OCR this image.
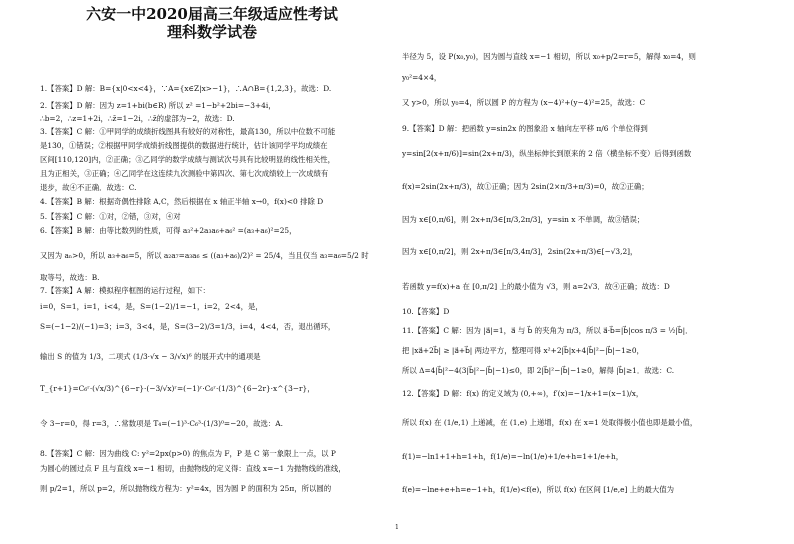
六安一中2020届高三年级适应性考试
理科数学试卷
1.【答案】D 解：B={x|0<x<4}，∵A={x∈Z|x>−1}，∴A∩B={1,2,3}，故选：D.
2.【答案】D 解：因为 z=1+bi(b∈R) 所以 z² =1−b²+2bi=−3+4i，
∴b=2，∴z=1+2i，∴z̄=1−2i，∴z̄的虚部为−2，故选：D.
3.【答案】C 解：①甲同学的成绩折线图具有较好的对称性，最高130，所以中位数不可能
是130，①错误；②根据甲同学成绩折线图提供的数据进行统计，估计该同学平均成绩在
区间[110,120]内，②正确；③乙同学的数学成绩与测试次号具有比较明显的线性相关性，
且为正相关，③正确；④乙同学在这连续九次测验中第四次、第七次成绩较上一次成绩有
退步，故④不正确．故选：C.
4.【答案】B 解：根据奇偶性排除 A,C，然后根据在 x 轴正半轴 x→0，f(x)<0 排除 D
5.【答案】C 解：①对，②错，③对，④对
6.【答案】B 解：由等比数列的性质，可得 a₃²+2a₃a₆+a₆² =(a₃+a₆)²=25，
又因为 aₙ>0，所以 a₃+a₆=5，所以 a₂a₇=a₃a₆ ≤ ((a₃+a₆)/2)² = 25/4，当且仅当 a₃=a₆=5/2 时
取等号，故选：B.
7.【答案】A 解：模拟程序框图的运行过程，如下：
i=0，S=1，i=1，i<4，是，S=(1−2)/1=−1，i=2，2<4，是，
S=(−1−2)/(−1)=3；i=3，3<4，是，S=(3−2)/3=1/3，i=4，4<4，否，退出循环，
输出 S 的值为 1/3，二项式 (1/3·√x − 3/√x)⁶ 的展开式中的通项是
T_{r+1}=C₆ʳ·(√x/3)^{6−r}·(−3/√x)ʳ=(−1)ʳ·C₆ʳ·(1/3)^{6−2r}·x^{3−r}，
令 3−r=0，得 r=3，∴常数项是 T₄=(−1)³·C₆³·(1/3)⁰=−20，故选：A.
8.【答案】C 解：因为曲线 C: y²=2px(p>0) 的焦点为 F，P 是 C 第一象限上一点，以 P
为圆心的圆过点 F 且与直线 x=−1 相切，由抛物线的定义得：直线 x=−1 为抛物线的准线，
则 p/2=1，所以 p=2，所以抛物线方程为：y²=4x，因为圆 P 的面积为 25π，所以圆的
半径为 5，设 P(x₀,y₀)，因为圆与直线 x=−1 相切，所以 x₀+p/2=r=5，解得 x₀=4，则
y₀²=4×4，
又 y>0，所以 y₀=4，所以圆 P 的方程为 (x−4)²+(y−4)²=25，故选：C
9.【答案】D 解：把函数 y=sin2x 的图象沿 x 轴向左平移 π/6 个单位得到
y=sin[2(x+π/6)]=sin(2x+π/3)，纵坐标伸长到原来的 2 倍（横坐标不变）后得到函数
f(x)=2sin(2x+π/3)，故①正确；因为 2sin(2×π/3+π/3)=0，故②正确；
因为 x∈[0,π/6]，则 2x+π/3∈[π/3,2π/3]，y=sin x 不单调，故③错误；
因为 x∈[0,π/2]，则 2x+π/3∈[π/3,4π/3]，2sin(2x+π/3)∈[−√3,2]，
若函数 y=f(x)+a 在 [0,π/2] 上的最小值为 √3，则 a=2√3．故④正确；故选：D
10.【答案】D
11.【答案】C 解：因为 |a⃗|=1，a⃗ 与 b⃗ 的夹角为 π/3，所以 a⃗·b⃗=|b⃗|cos π/3 = ½|b⃗|．
把 |xa⃗+2b⃗| ≥ |a⃗+b⃗| 两边平方，整理可得 x²+2|b⃗|x+4|b⃗|²−|b⃗|−1≥0，
所以 Δ=4|b⃗|²−4(3|b⃗|²−|b⃗|−1)≤0，即 2|b⃗|²−|b⃗|−1≥0，解得 |b⃗|≥1．故选：C.
12.【答案】D 解：f(x) 的定义域为 (0,+∞)，f′(x)=−1/x+1=(x−1)/x，
所以 f(x) 在 (1/e,1) 上递减，在 (1,e) 上递增，f(x) 在 x=1 处取得极小值也即是最小值，
f(1)=−ln1+1+h=1+h，f(1/e)=−ln(1/e)+1/e+h=1+1/e+h，
f(e)=−lne+e+h=e−1+h，f(1/e)<f(e)，所以 f(x) 在区间 [1/e,e] 上的最大值为
1
